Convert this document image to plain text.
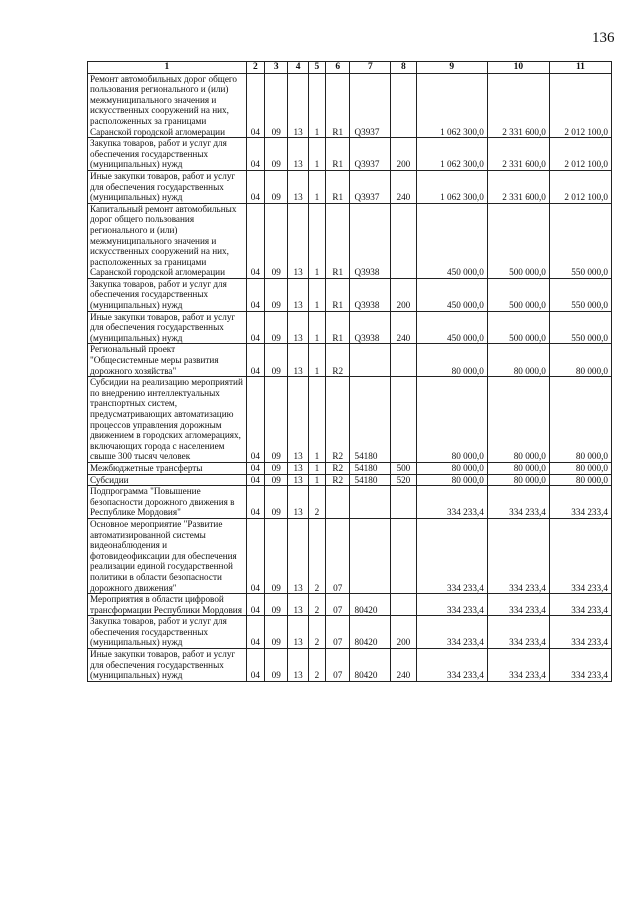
136
1	2	3	4	5	6	7	8	9	10	11
Ремонт автомобильных дорог общего пользования регионального и (или) межмуниципального значения и искусственных сооружений на них, расположенных за границами Саранской городской агломерации	04	09	13	1	R1	Q3937		1 062 300,0	2 331 600,0	2 012 100,0
Закупка товаров, работ и услуг для обеспечения государственных (муниципальных) нужд	04	09	13	1	R1	Q3937	200	1 062 300,0	2 331 600,0	2 012 100,0
Иные закупки товаров, работ и услуг для обеспечения государственных (муниципальных) нужд	04	09	13	1	R1	Q3937	240	1 062 300,0	2 331 600,0	2 012 100,0
Капитальный ремонт автомобильных дорог общего пользования регионального и (или) межмуниципального значения и искусственных сооружений на них, расположенных за границами Саранской городской агломерации	04	09	13	1	R1	Q3938		450 000,0	500 000,0	550 000,0
Закупка товаров, работ и услуг для обеспечения государственных (муниципальных) нужд	04	09	13	1	R1	Q3938	200	450 000,0	500 000,0	550 000,0
Иные закупки товаров, работ и услуг для обеспечения государственных (муниципальных) нужд	04	09	13	1	R1	Q3938	240	450 000,0	500 000,0	550 000,0
Региональный проект "Общесистемные меры развития дорожного хозяйства"	04	09	13	1	R2			80 000,0	80 000,0	80 000,0
Субсидии на реализацию мероприятий по внедрению интеллектуальных транспортных систем, предусматривающих автоматизацию процессов управления дорожным движением в городских агломерациях, включающих города с населением свыше 300 тысяч человек	04	09	13	1	R2	54180		80 000,0	80 000,0	80 000,0
Межбюджетные трансферты	04	09	13	1	R2	54180	500	80 000,0	80 000,0	80 000,0
Субсидии	04	09	13	1	R2	54180	520	80 000,0	80 000,0	80 000,0
Подпрограмма "Повышение безопасности дорожного движения в Республике Мордовия"	04	09	13	2				334 233,4	334 233,4	334 233,4
Основное мероприятие "Развитие автоматизированной системы видеонаблюдения и фотовидеофиксации для обеспечения реализации единой государственной политики в области безопасности дорожного движения"	04	09	13	2	07			334 233,4	334 233,4	334 233,4
Мероприятия в области цифровой трансформации Республики Мордовия	04	09	13	2	07	80420		334 233,4	334 233,4	334 233,4
Закупка товаров, работ и услуг для обеспечения государственных (муниципальных) нужд	04	09	13	2	07	80420	200	334 233,4	334 233,4	334 233,4
Иные закупки товаров, работ и услуг для обеспечения государственных (муниципальных) нужд	04	09	13	2	07	80420	240	334 233,4	334 233,4	334 233,4
